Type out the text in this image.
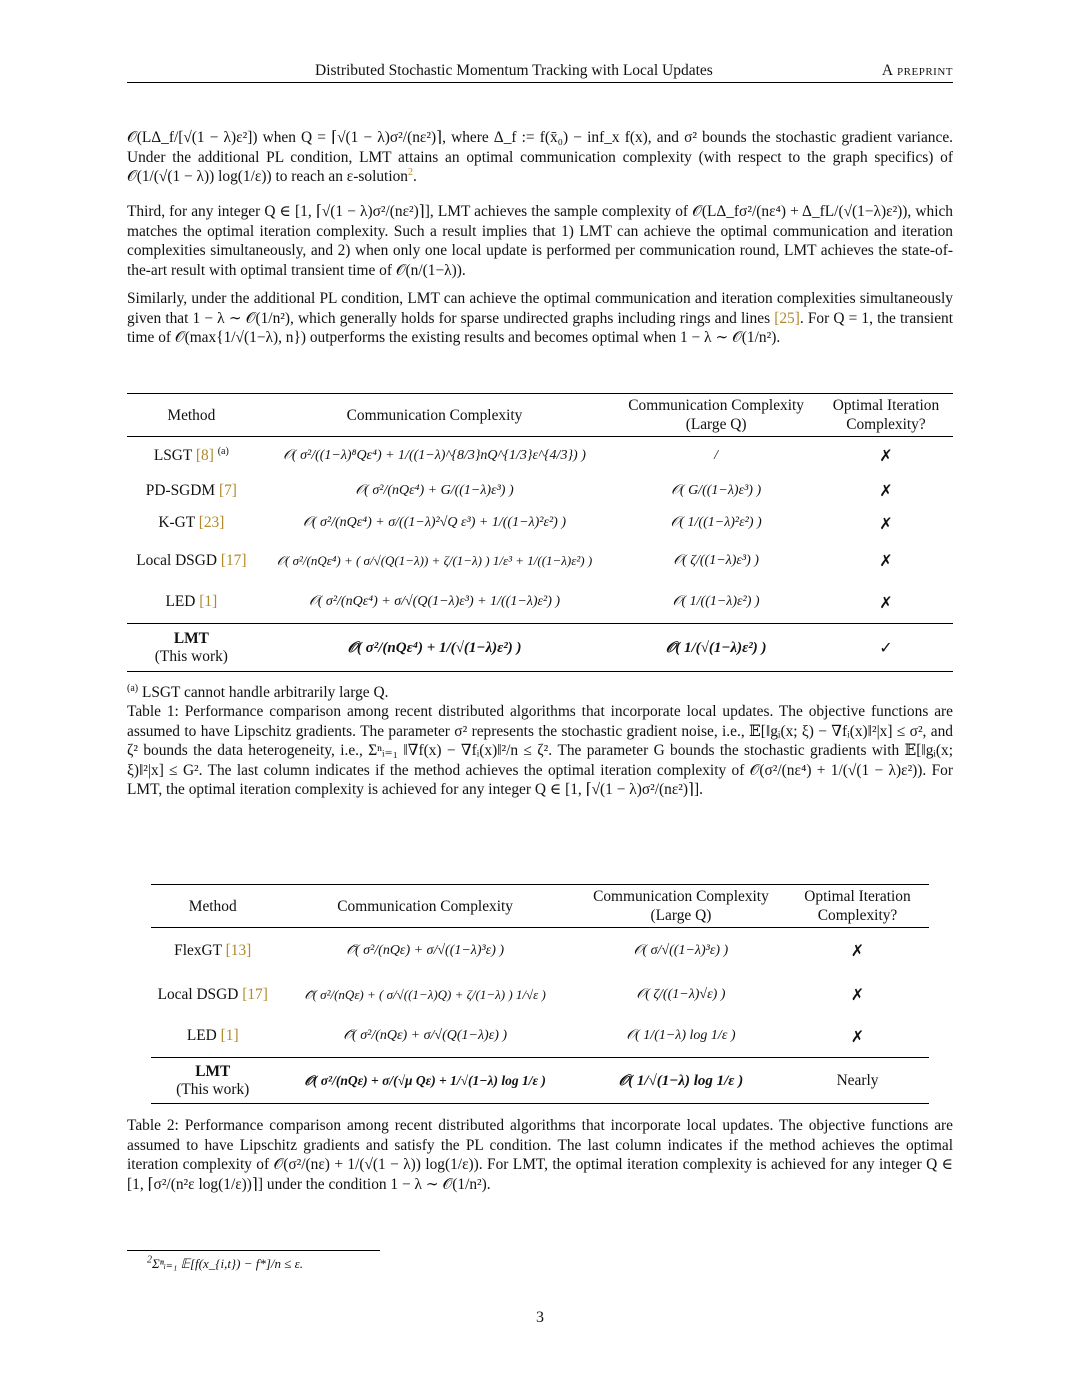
Distributed Stochastic Momentum Tracking with Local Updates	A preprint

𝒪(LΔ_f/[√(1 − λ)ε²]) when Q = ⌈√(1 − λ)σ²/(nε²)⌉, where Δ_f := f(x̄₀) − inf_x f(x), and σ² bounds the stochastic gradient variance. Under the additional PL condition, LMT attains an optimal communication complexity (with respect to the graph specifics) of 𝒪(1/(√(1 − λ)) log(1/ε)) to reach an ε-solution$^2$.

Third, for any integer Q ∈ [1, ⌈√(1 − λ)σ²/(nε²)⌉], LMT achieves the sample complexity of 𝒪(LΔ_fσ²/(nε⁴) + Δ_fL/(√(1−λ)ε²)), which matches the optimal iteration complexity. Such a result implies that 1) LMT can achieve the optimal communication and iteration complexities simultaneously, and 2) when only one local update is performed per communication round, LMT achieves the state-of-the-art result with optimal transient time of 𝒪(n/(1−λ)).

Similarly, under the additional PL condition, LMT can achieve the optimal communication and iteration complexities simultaneously given that 1 − λ ∼ 𝒪(1/n²), which generally holds for sparse undirected graphs including rings and lines [25]. For Q = 1, the transient time of 𝒪(max{1/√(1−λ), n}) outperforms the existing results and becomes optimal when 1 − λ ∼ 𝒪(1/n²).

Method	Communication Complexity	Communication Complexity (Large Q)	Optimal Iteration Complexity?
LSGT [8] $^{(a)}$	𝒪( σ²/((1−λ)⁸Qε⁴) + 1/((1−λ)^{8/3}nQ^{1/3}ε^{4/3}) )	/	✗
PD-SGDM [7]	𝒪( σ²/(nQε⁴) + G/((1−λ)ε³) )	𝒪( G/((1−λ)ε³) )	✗
K-GT [23]	𝒪( σ²/(nQε⁴) + σ/((1−λ)²√Q ε³) + 1/((1−λ)²ε²) )	𝒪( 1/((1−λ)²ε²) )	✗
Local DSGD [17]	𝒪( σ²/(nQε⁴) + ( σ/√(Q(1−λ)) + ζ/(1−λ) ) 1/ε³ + 1/((1−λ)ε²) )	𝒪( ζ/((1−λ)ε³) )	✗
LED [1]	𝒪( σ²/(nQε⁴) + σ/√(Q(1−λ)ε³) + 1/((1−λ)ε²) )	𝒪( 1/((1−λ)ε²) )	✗
LMT
(This work)	𝒪( σ²/(nQε⁴) + 1/(√(1−λ)ε²) )	𝒪( 1/(√(1−λ)ε²) )	✓
$^{(a)}$ LSGT cannot handle arbitrarily large Q.

Table 1: Performance comparison among recent distributed algorithms that incorporate local updates. The objective functions are assumed to have Lipschitz gradients. The parameter σ² represents the stochastic gradient noise, i.e., 𝔼[‖gᵢ(x; ξ) − ∇fᵢ(x)‖²|x] ≤ σ², and ζ² bounds the data heterogeneity, i.e., Σⁿᵢ₌₁ ‖∇f(x) − ∇fᵢ(x)‖²/n ≤ ζ². The parameter G bounds the stochastic gradients with 𝔼[‖gᵢ(x; ξ)‖²|x] ≤ G². The last column indicates if the method achieves the optimal iteration complexity of 𝒪(σ²/(nε⁴) + 1/(√(1 − λ)ε²)). For LMT, the optimal iteration complexity is achieved for any integer Q ∈ [1, ⌈√(1 − λ)σ²/(nε²)⌉].

Method	Communication Complexity	Communication Complexity (Large Q)	Optimal Iteration Complexity?
FlexGT [13]	𝒪̃( σ²/(nQε) + σ/√((1−λ)³ε) )	𝒪( σ/√((1−λ)³ε) )	✗
Local DSGD [17]	𝒪̃( σ²/(nQε) + ( σ/√((1−λ)Q) + ζ/(1−λ) ) 1/√ε )	𝒪( ζ/((1−λ)√ε) )	✗
LED [1]	𝒪̃( σ²/(nQε) + σ/√(Q(1−λ)ε) )	𝒪( 1/(1−λ) log 1/ε )	✗
LMT
(This work)	𝒪( σ²/(nQε) + σ/(√μ Qε) + 1/√(1−λ) log 1/ε )	𝒪( 1/√(1−λ) log 1/ε )	Nearly

Table 2: Performance comparison among recent distributed algorithms that incorporate local updates. The objective functions are assumed to have Lipschitz gradients and satisfy the PL condition. The last column indicates if the method achieves the optimal iteration complexity of 𝒪(σ²/(nε) + 1/(√(1 − λ)) log(1/ε)). For LMT, the optimal iteration complexity is achieved for any integer Q ∈ [1, ⌈σ²/(n²ε log(1/ε))⌉] under the condition 1 − λ ∼ 𝒪(1/n²).

$^2$Σⁿᵢ₌₁ 𝔼[f(x_{i,t}) − f*]/n ≤ ε.
3
